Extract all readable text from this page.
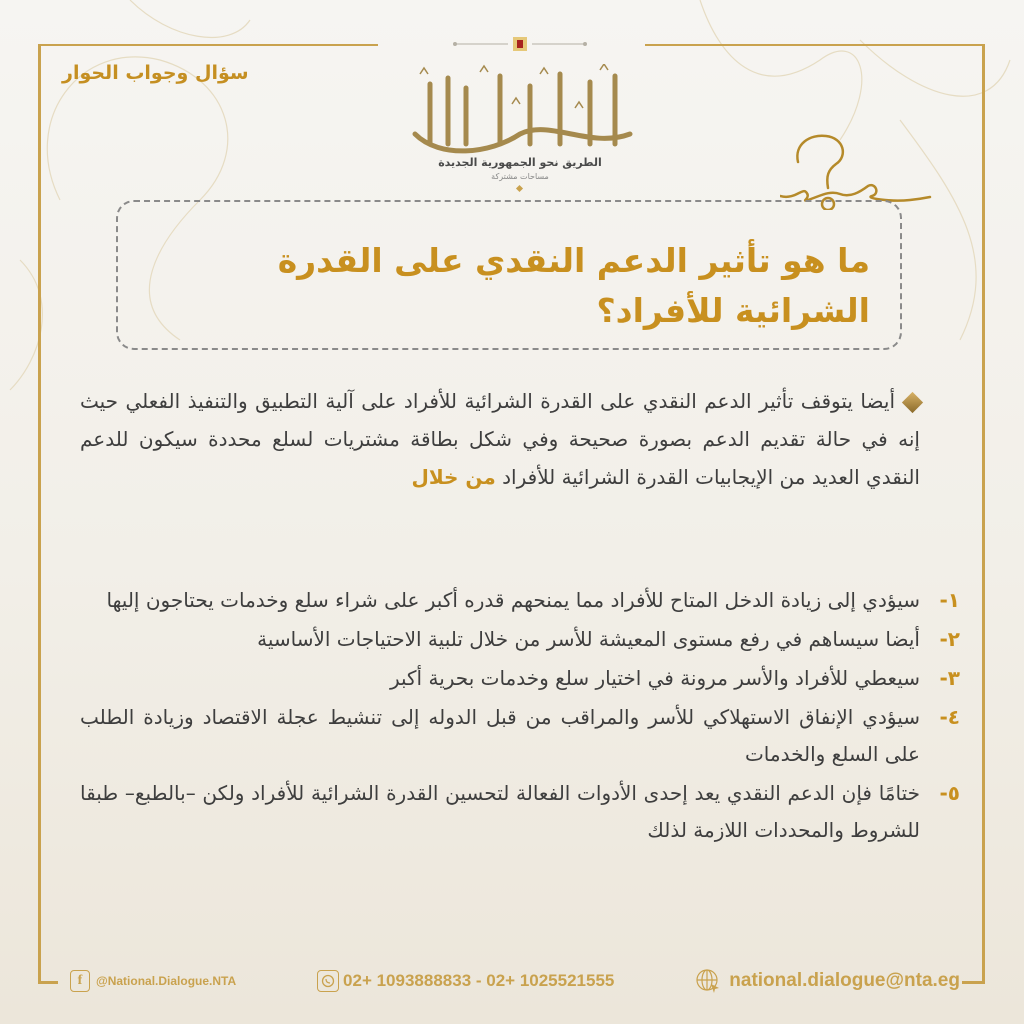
سؤال وجواب الحوار
الطريق نحو الجمهورية الجديدة
مساحات مشتركة
ما هو تأثير الدعم النقدي على القدرة الشرائية للأفراد؟
أيضا يتوقف تأثير الدعم النقدي على القدرة الشرائية للأفراد على آلية التطبيق والتنفيذ الفعلي حيث إنه في حالة تقديم الدعم بصورة صحيحة وفي شكل بطاقة مشتريات لسلع محددة سيكون للدعم النقدي العديد من الإيجابيات القدرة الشرائية للأفراد من خلال
١-
سيؤدي إلى زيادة الدخل المتاح للأفراد مما يمنحهم قدره أكبر على شراء سلع وخدمات يحتاجون إليها
٢-
أيضا سيساهم في رفع مستوى المعيشة للأسر من خلال تلبية الاحتياجات الأساسية
٣-
سيعطي للأفراد والأسر مرونة في اختيار سلع وخدمات بحرية أكبر
٤-
سيؤدي الإنفاق الاستهلاكي للأسر والمراقب من قبل الدوله إلى تنشيط عجلة الاقتصاد وزيادة الطلب على السلع والخدمات
٥-
ختامًا فإن الدعم النقدي يعد إحدى الأدوات الفعالة لتحسين القدرة الشرائية للأفراد ولكن –بالطبع– طبقا للشروط والمحددات اللازمة لذلك
f	@National.Dialogue.NTA	02+ 1093888833 - 02+ 1025521555	national.dialogue@nta.eg
